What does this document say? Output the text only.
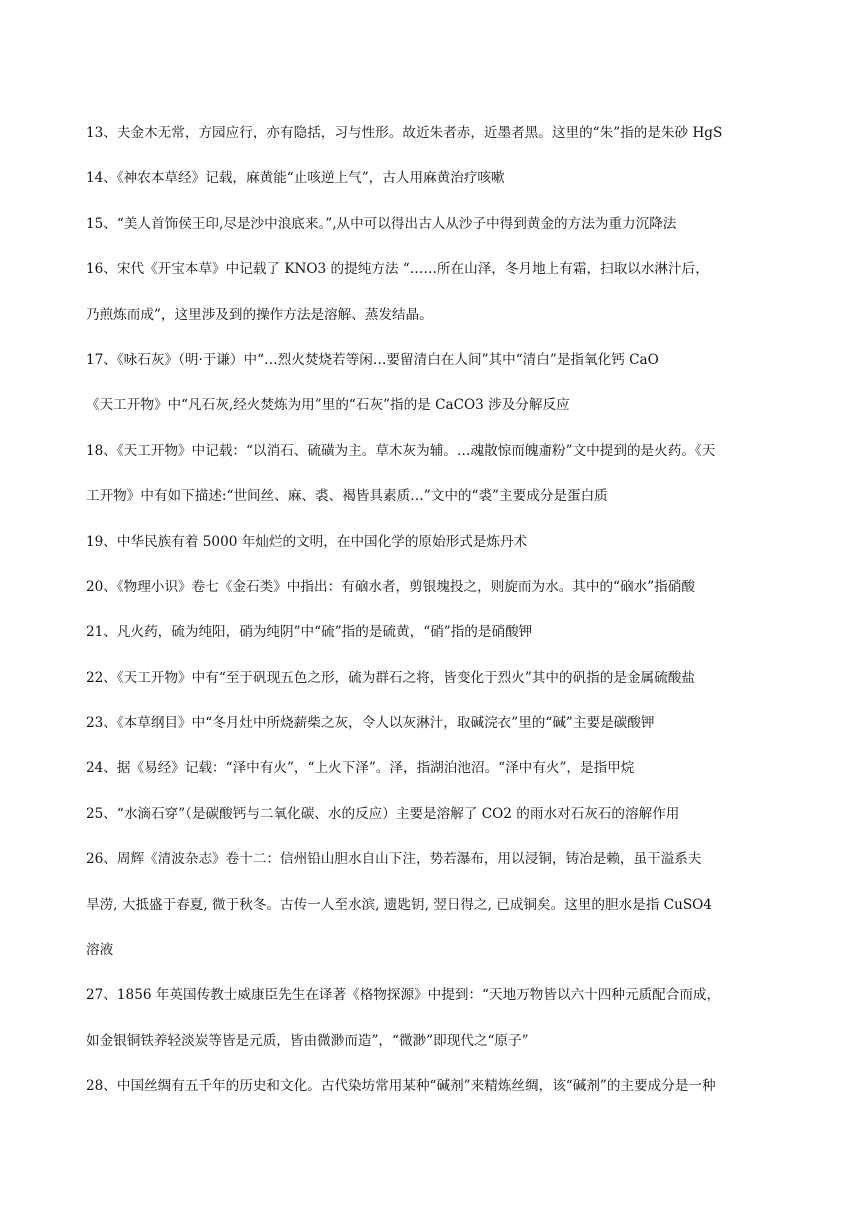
13、夫金木无常，方园应行，亦有隐括，习与性形。故近朱者赤，近墨者黑。这里的“朱”指的是朱砂 HgS
14、《神农本草经》记载，麻黄能“止咳逆上气”，古人用麻黄治疗咳嗽
15、“美人首饰侯王印,尽是沙中浪底来。”,从中可以得出古人从沙子中得到黄金的方法为重力沉降法
16、宋代《开宝本草》中记载了 KNO3 的提纯方法 “……所在山泽，冬月地上有霜，扫取以水淋汁后，
乃煎炼而成”，这里涉及到的操作方法是溶解、蒸发结晶。
17、《咏石灰》（明·于谦）中“…烈火焚烧若等闲…要留清白在人间”其中“清白”是指氧化钙 CaO
《天工开物》中“凡石灰,经火焚炼为用”里的“石灰”指的是 CaCO3 涉及分解反应
18、《天工开物》中记载：“以消石、硫磺为主。草木灰为辅。…魂散惊而魄齑粉”文中提到的是火药。《天
工开物》中有如下描述:“世间丝、麻、裘、褐皆具素质…”文中的“裘”主要成分是蛋白质
19、中华民族有着 5000 年灿烂的文明，在中国化学的原始形式是炼丹术
20、《物理小识》卷七《金石类》中指出：有硇水者，剪银塊投之，则旋而为水。其中的“硇水”指硝酸
21、凡火药，硫为纯阳，硝为纯阴”中“硫”指的是硫黄，“硝”指的是硝酸钾
22、《天工开物》中有“至于矾现五色之形，硫为群石之将，皆变化于烈火”其中的矾指的是金属硫酸盐
23、《本草纲目》中“冬月灶中所烧薪柴之灰，令人以灰淋汁，取碱浣衣”里的“碱”主要是碳酸钾
24、据《易经》记载：“泽中有火”，“上火下泽”。泽，指湖泊池沼。“泽中有火”，是指甲烷
25、“水滴石穿”（是碳酸钙与二氧化碳、水的反应）主要是溶解了 CO2 的雨水对石灰石的溶解作用
26、周辉《清波杂志》卷十二：信州铅山胆水自山下注，势若瀑布，用以浸铜，铸冶是赖，虽干溢系夫
旱涝, 大抵盛于春夏, 微于秋冬。古传一人至水滨, 遗匙钥, 翌日得之, 已成铜矣。这里的胆水是指 CuSO4
溶液
27、1856 年英国传教士威康臣先生在译著《格物探源》中提到：“天地万物皆以六十四种元质配合而成，
如金银铜铁养轻淡炭等皆是元质，皆由微渺而造”，“微渺”即现代之“原子”
28、中国丝绸有五千年的历史和文化。古代染坊常用某种“碱剂”来精炼丝绸，该“碱剂”的主要成分是一种
